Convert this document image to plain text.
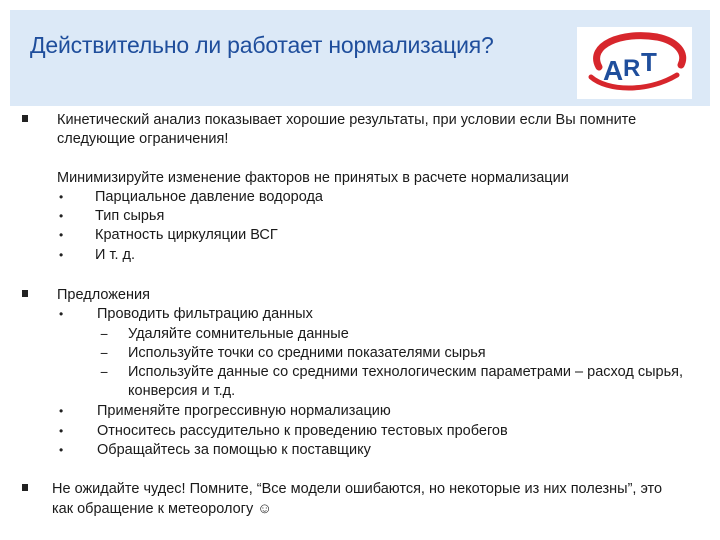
Действительно ли работает нормализация?
A R T
Кинетический анализ показывает хорошие результаты, при условии если Вы помните
следующие ограничения!
Минимизируйте изменение факторов не принятых в расчете нормализации
• Парциальное давление водорода
• Тип сырья
• Кратность циркуляции ВСГ
• И т. д.
Предложения
• Проводить фильтрацию данных
− Удаляйте сомнительные данные
− Используйте точки со средними показателями сырья
− Используйте данные со средними технологическим параметрами – расход сырья,
конверсия и т.д.
• Применяйте прогрессивную нормализацию
• Относитесь рассудительно к проведению тестовых пробегов
• Обращайтесь за помощью к поставщику
Не ожидайте чудес! Помните, “Все модели ошибаются, но некоторые из них полезны”, это
как обращение к метеорологу ☺
